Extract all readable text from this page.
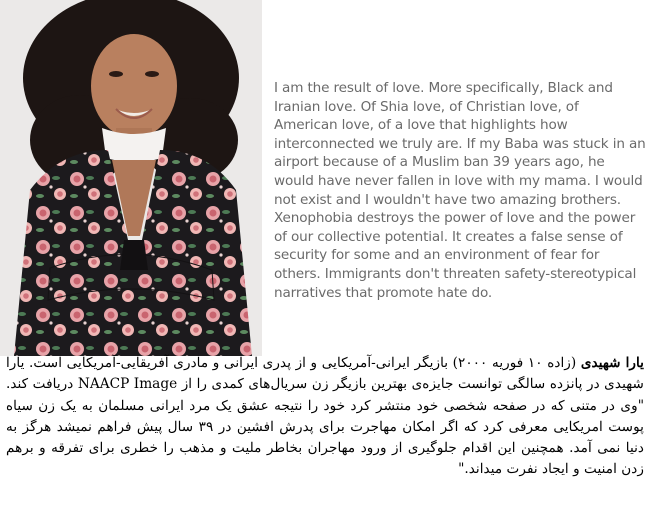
I am the result of love. More specifically, Black and Iranian love. Of Shia love, of Christian love, of American love, of a love that highlights how interconnected we truly are. If my Baba was stuck in an airport because of a Muslim ban 39 years ago, he would have never fallen in love with my mama. I would not exist and I wouldn't have two amazing brothers. Xenophobia destroys the power of love and the power of our collective potential. It creates a false sense of security for some and an environment of fear for others. Immigrants don't threaten safety-stereotypical narratives that promote hate do.

یارا شهیدی (زاده ۱۰ فوریه ۲۰۰۰) بازیگر ایرانی-آمریکایی و از پدری ایرانی و مادری آفریقایی-آمریکایی است. یارا شهیدی در پانزده سالگی توانست جایزه‌ی بهترین بازیگر زن سریال‌های کمدی را از NAACP Image دریافت کند. "وی در متنی که در صفحه شخصی خود منتشر کرد خود را نتیجه عشق یک مرد ایرانی مسلمان به یک زن سیاه پوست امریکایی معرفی کرد که اگر امکان مهاجرت برای پدرش افشین در ۳۹ سال پیش فراهم نمیشد هرگز به دنیا نمی آمد. همچنین این اقدام جلوگیری از ورود مهاجران بخاطر ملیت و مذهب را خطری برای تفرقه و برهم زدن امنیت و ایجاد نفرت میداند."
